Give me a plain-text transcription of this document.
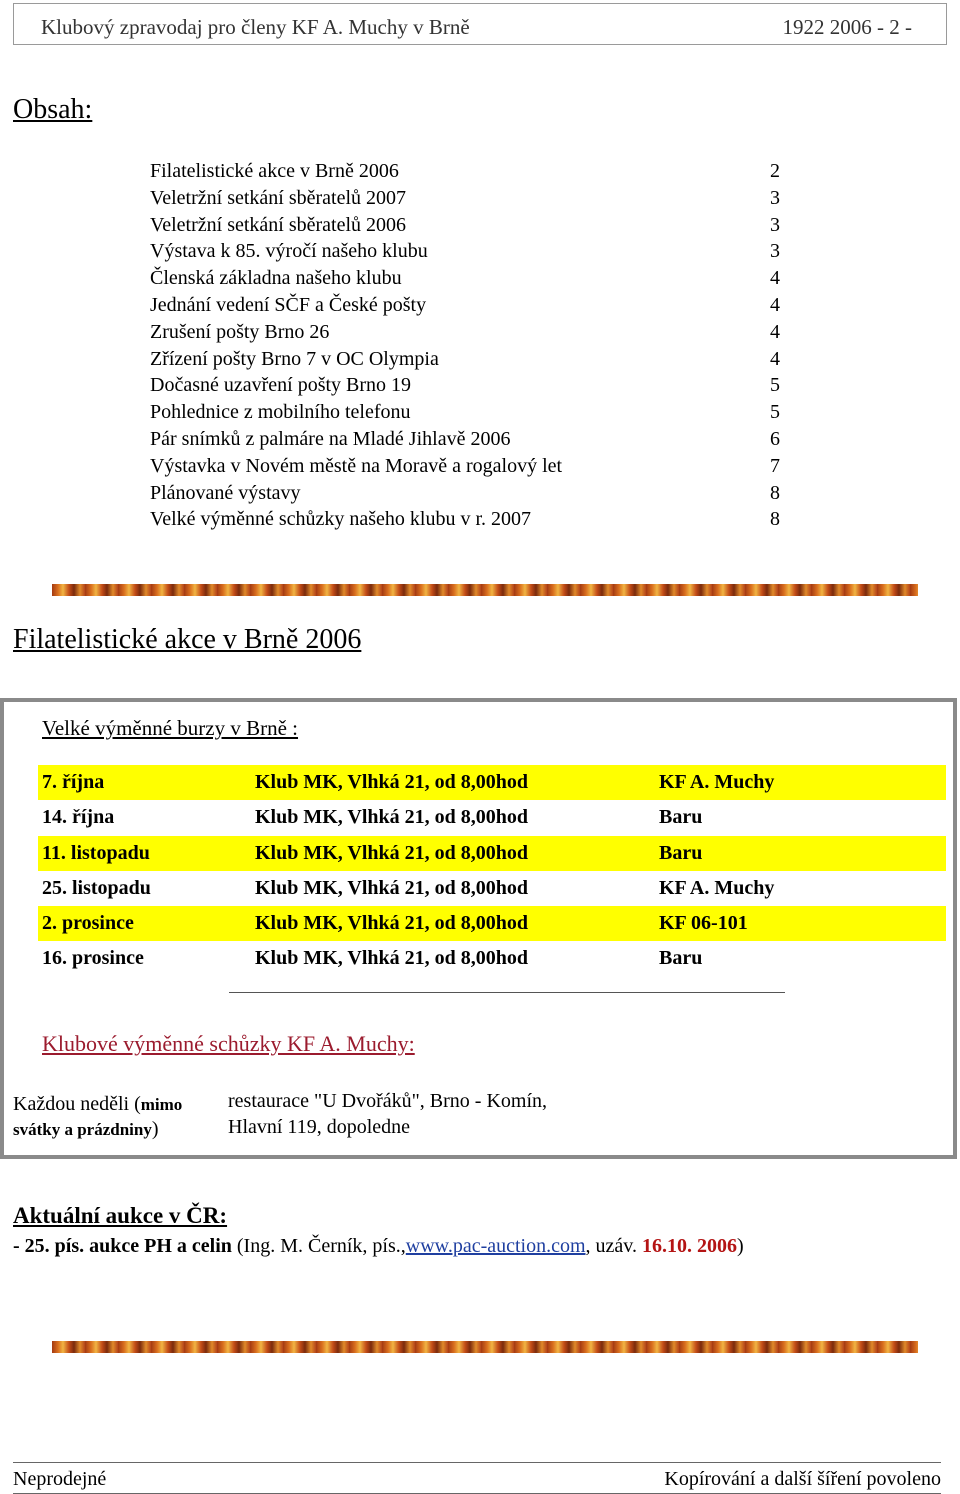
Klubový zpravodaj pro členy KF A. Muchy v Brně	1922 2006 - 2 -
Obsah:
Filatelistické akce v Brně 2006	2
Veletržní setkání sběratelů 2007	3
Veletržní setkání sběratelů 2006	3
Výstava k 85. výročí našeho klubu	3
Členská základna našeho klubu	4
Jednání vedení SČF a České pošty	4
Zrušení pošty Brno 26	4
Zřízení pošty Brno 7 v OC Olympia	4
Dočasné uzavření pošty Brno 19	5
Pohlednice z mobilního telefonu	5
Pár snímků z palmáre na Mladé Jihlavě 2006	6
Výstavka v Novém městě na Moravě a rogalový let	7
Plánované výstavy	8
Velké výměnné schůzky našeho klubu v r. 2007	8
Filatelistické akce v Brně 2006
Velké výměnné burzy v Brně :
7. října	Klub MK, Vlhká 21, od 8,00hod	KF A. Muchy
14. října	Klub MK, Vlhká 21, od 8,00hod	Baru
11. listopadu	Klub MK, Vlhká 21, od 8,00hod	Baru
25. listopadu	Klub MK, Vlhká 21, od 8,00hod	KF A. Muchy
2. prosince	Klub MK, Vlhká 21, od 8,00hod	KF 06-101
16. prosince	Klub MK, Vlhká 21, od 8,00hod	Baru
Klubové výměnné schůzky KF A. Muchy:
Každou neděli (mimo
svátky a prázdniny)
restaurace "U Dvořáků", Brno - Komín,
Hlavní 119, dopoledne
Aktuální aukce v ČR:
- 25. pís. aukce PH a celin (Ing. M. Černík, pís.,www.pac-auction.com, uzáv. 16.10. 2006)
Neprodejné	Kopírování a další šíření povoleno
